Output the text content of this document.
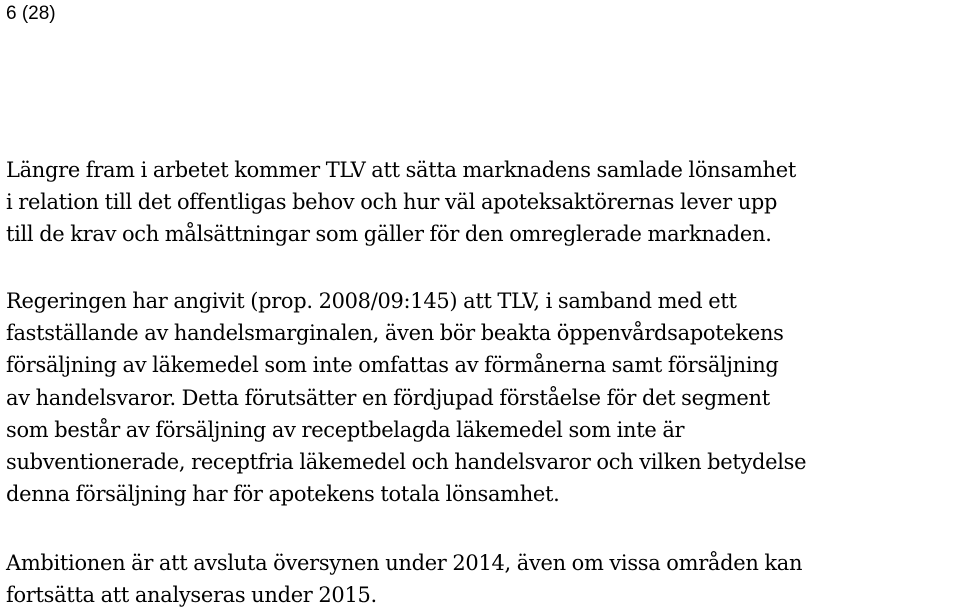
6 (28)
Längre fram i arbetet kommer TLV att sätta marknadens samlade lönsamhet
i relation till det offentligas behov och hur väl apoteksaktörernas lever upp
till de krav och målsättningar som gäller för den omreglerade marknaden.
Regeringen har angivit (prop. 2008/09:145) att TLV, i samband med ett
fastställande av handelsmarginalen, även bör beakta öppenvårdsapotekens
försäljning av läkemedel som inte omfattas av förmånerna samt försäljning
av handelsvaror. Detta förutsätter en fördjupad förståelse för det segment
som består av försäljning av receptbelagda läkemedel som inte är
subventionerade, receptfria läkemedel och handelsvaror och vilken betydelse
denna försäljning har för apotekens totala lönsamhet.
Ambitionen är att avsluta översynen under 2014, även om vissa områden kan
fortsätta att analyseras under 2015.
